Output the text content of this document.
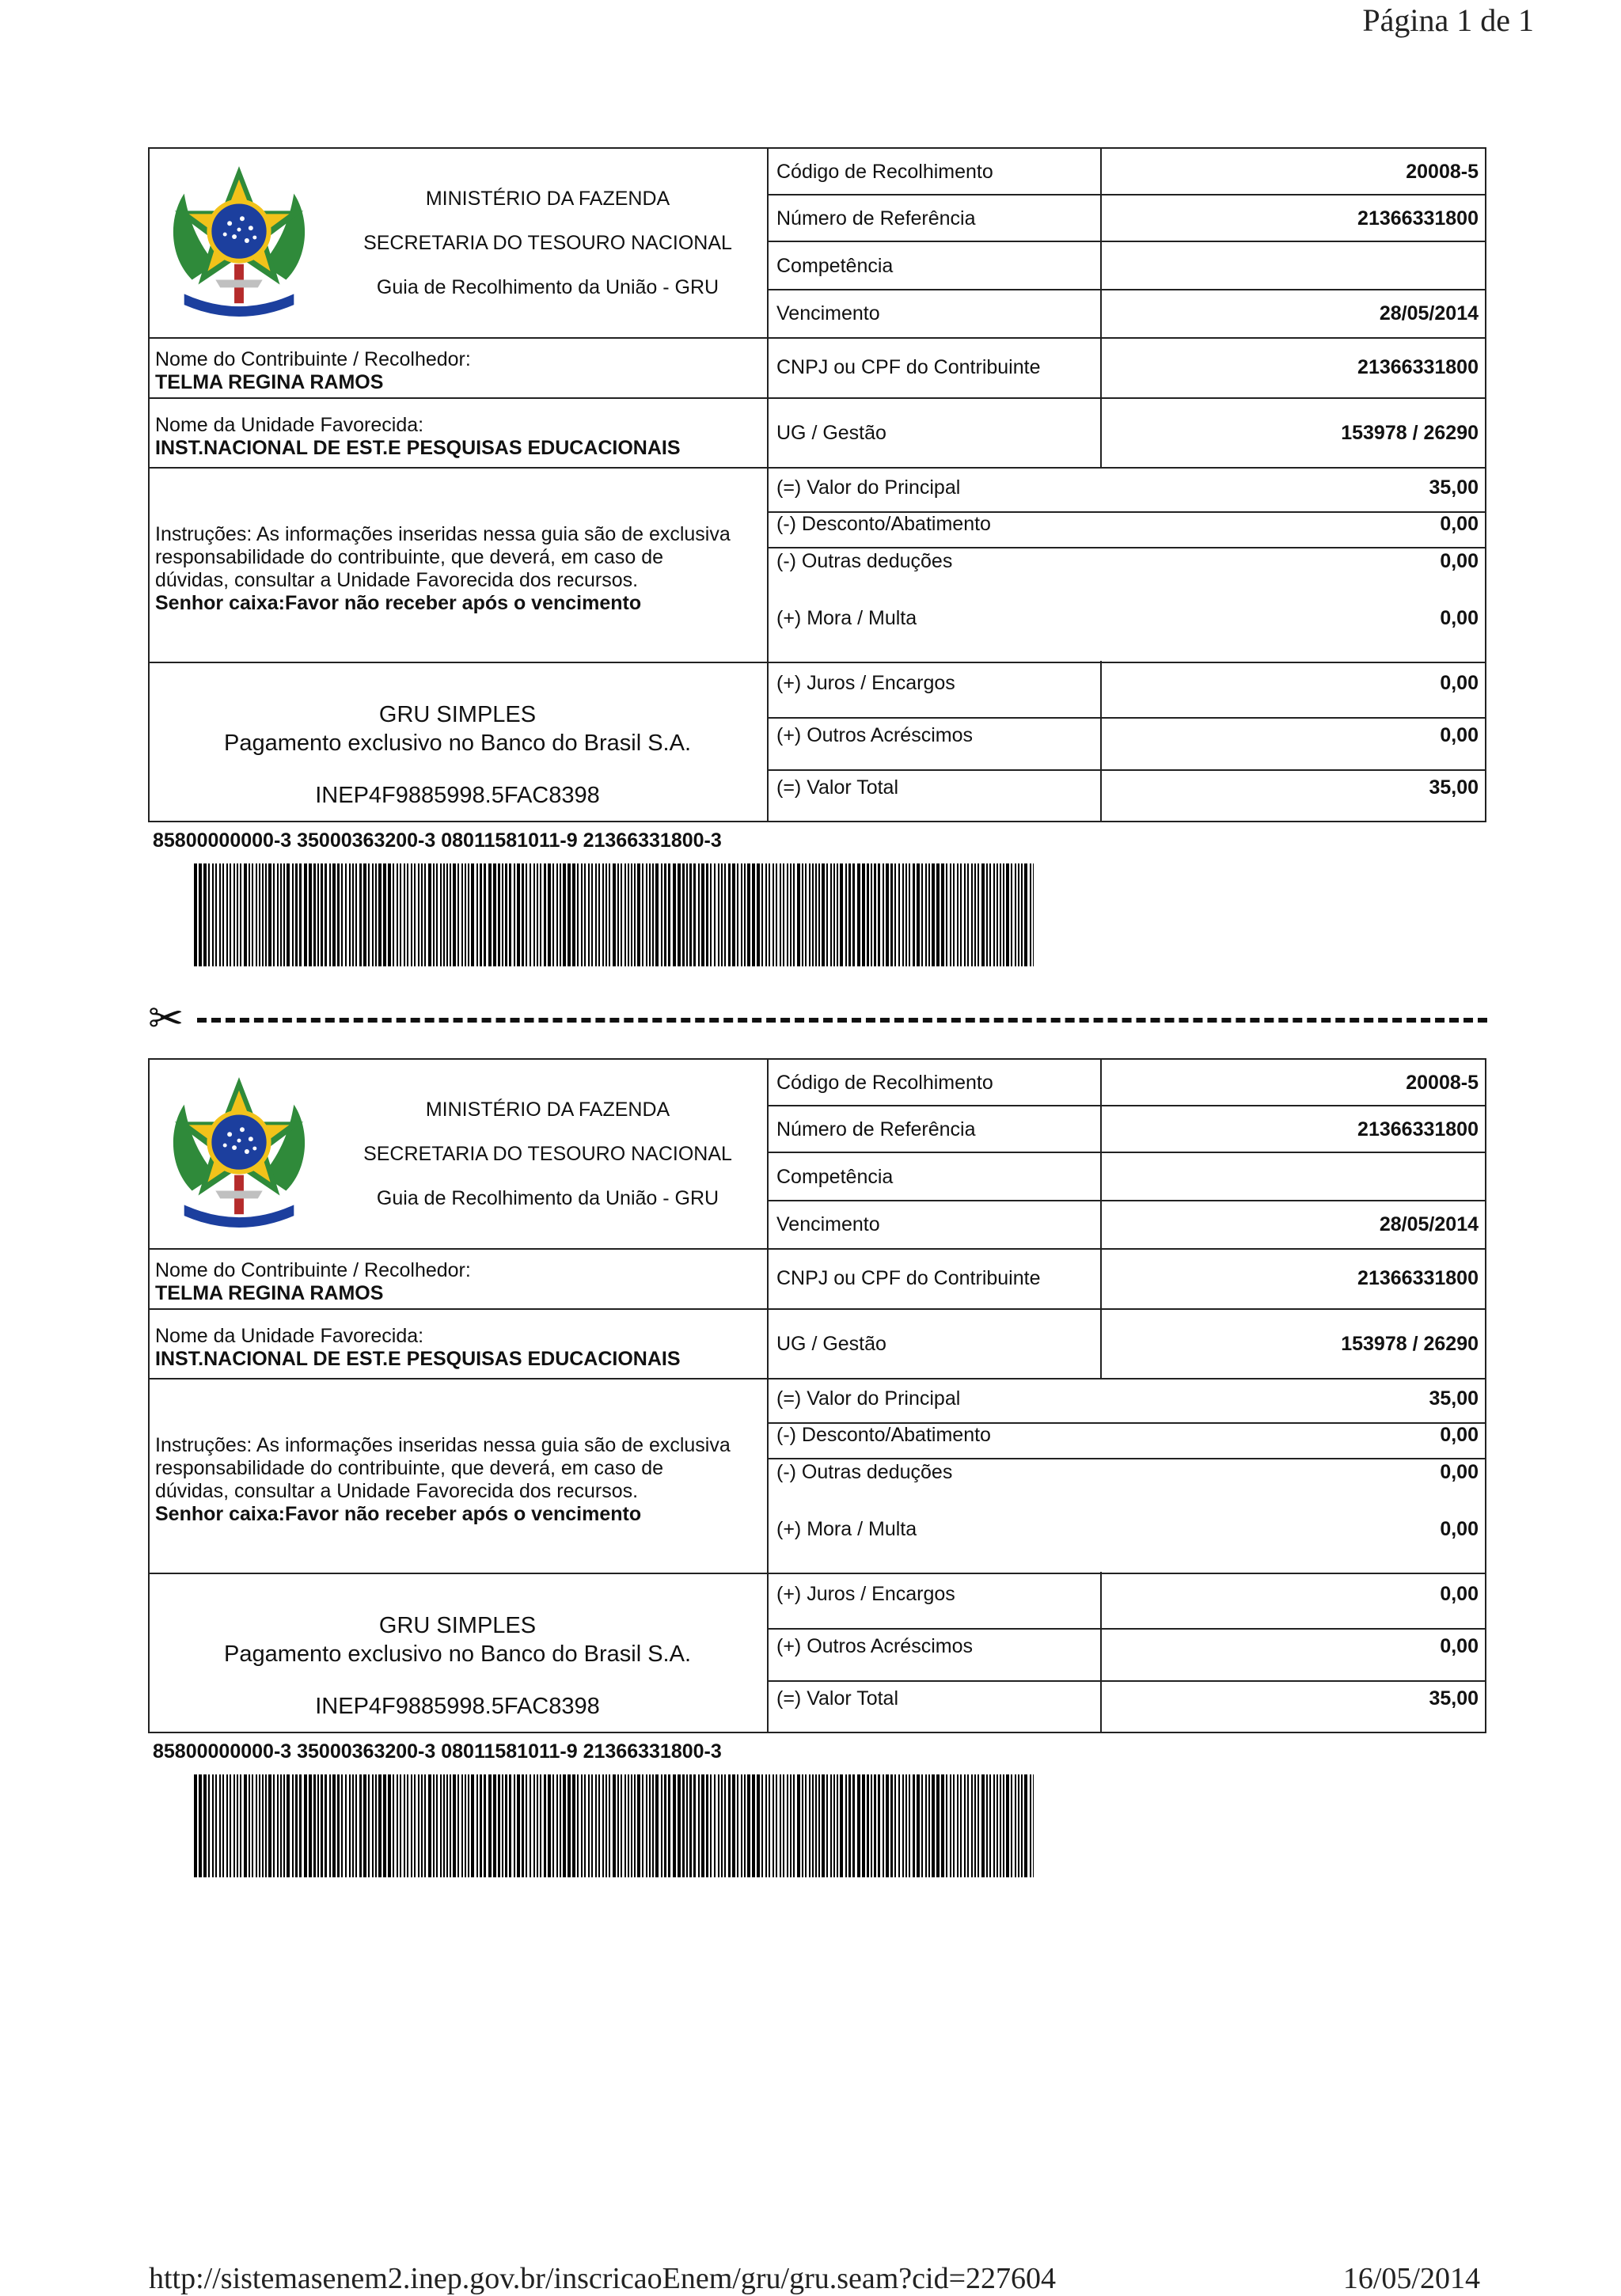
Página 1 de 1
MINISTÉRIO DA FAZENDA
SECRETARIA DO TESOURO NACIONAL
Guia de Recolhimento da União - GRU
Nome do Contribuinte / Recolhedor:
TELMA REGINA RAMOS
Nome da Unidade Favorecida:
INST.NACIONAL DE EST.E PESQUISAS EDUCACIONAIS
Instruções: As informações inseridas nessa guia são de exclusiva
responsabilidade do contribuinte, que deverá, em caso de
dúvidas, consultar a Unidade Favorecida dos recursos.
Senhor caixa:Favor não receber após o vencimento
GRU SIMPLES
Pagamento exclusivo no Banco do Brasil S.A.
INEP4F9885998.5FAC8398
Código de Recolhimento	20008-5
Número de Referência	21366331800
Competência
Vencimento	28/05/2014
CNPJ ou CPF do Contribuinte	21366331800
UG / Gestão	153978 / 26290
(=) Valor do Principal	35,00
(-) Desconto/Abatimento	0,00
(-) Outras deduções	0,00
(+) Mora / Multa	0,00
(+) Juros / Encargos	0,00
(+) Outros Acréscimos	0,00
(=) Valor Total	35,00
85800000000-3 35000363200-3 08011581011-9 21366331800-3
✂
MINISTÉRIO DA FAZENDA
SECRETARIA DO TESOURO NACIONAL
Guia de Recolhimento da União - GRU
Nome do Contribuinte / Recolhedor:
TELMA REGINA RAMOS
Nome da Unidade Favorecida:
INST.NACIONAL DE EST.E PESQUISAS EDUCACIONAIS
Instruções: As informações inseridas nessa guia são de exclusiva
responsabilidade do contribuinte, que deverá, em caso de
dúvidas, consultar a Unidade Favorecida dos recursos.
Senhor caixa:Favor não receber após o vencimento
GRU SIMPLES
Pagamento exclusivo no Banco do Brasil S.A.
INEP4F9885998.5FAC8398
Código de Recolhimento	20008-5
Número de Referência	21366331800
Competência
Vencimento	28/05/2014
CNPJ ou CPF do Contribuinte	21366331800
UG / Gestão	153978 / 26290
(=) Valor do Principal	35,00
(-) Desconto/Abatimento	0,00
(-) Outras deduções	0,00
(+) Mora / Multa	0,00
(+) Juros / Encargos	0,00
(+) Outros Acréscimos	0,00
(=) Valor Total	35,00
85800000000-3 35000363200-3 08011581011-9 21366331800-3
http://sistemasenem2.inep.gov.br/inscricaoEnem/gru/gru.seam?cid=227604	16/05/2014
